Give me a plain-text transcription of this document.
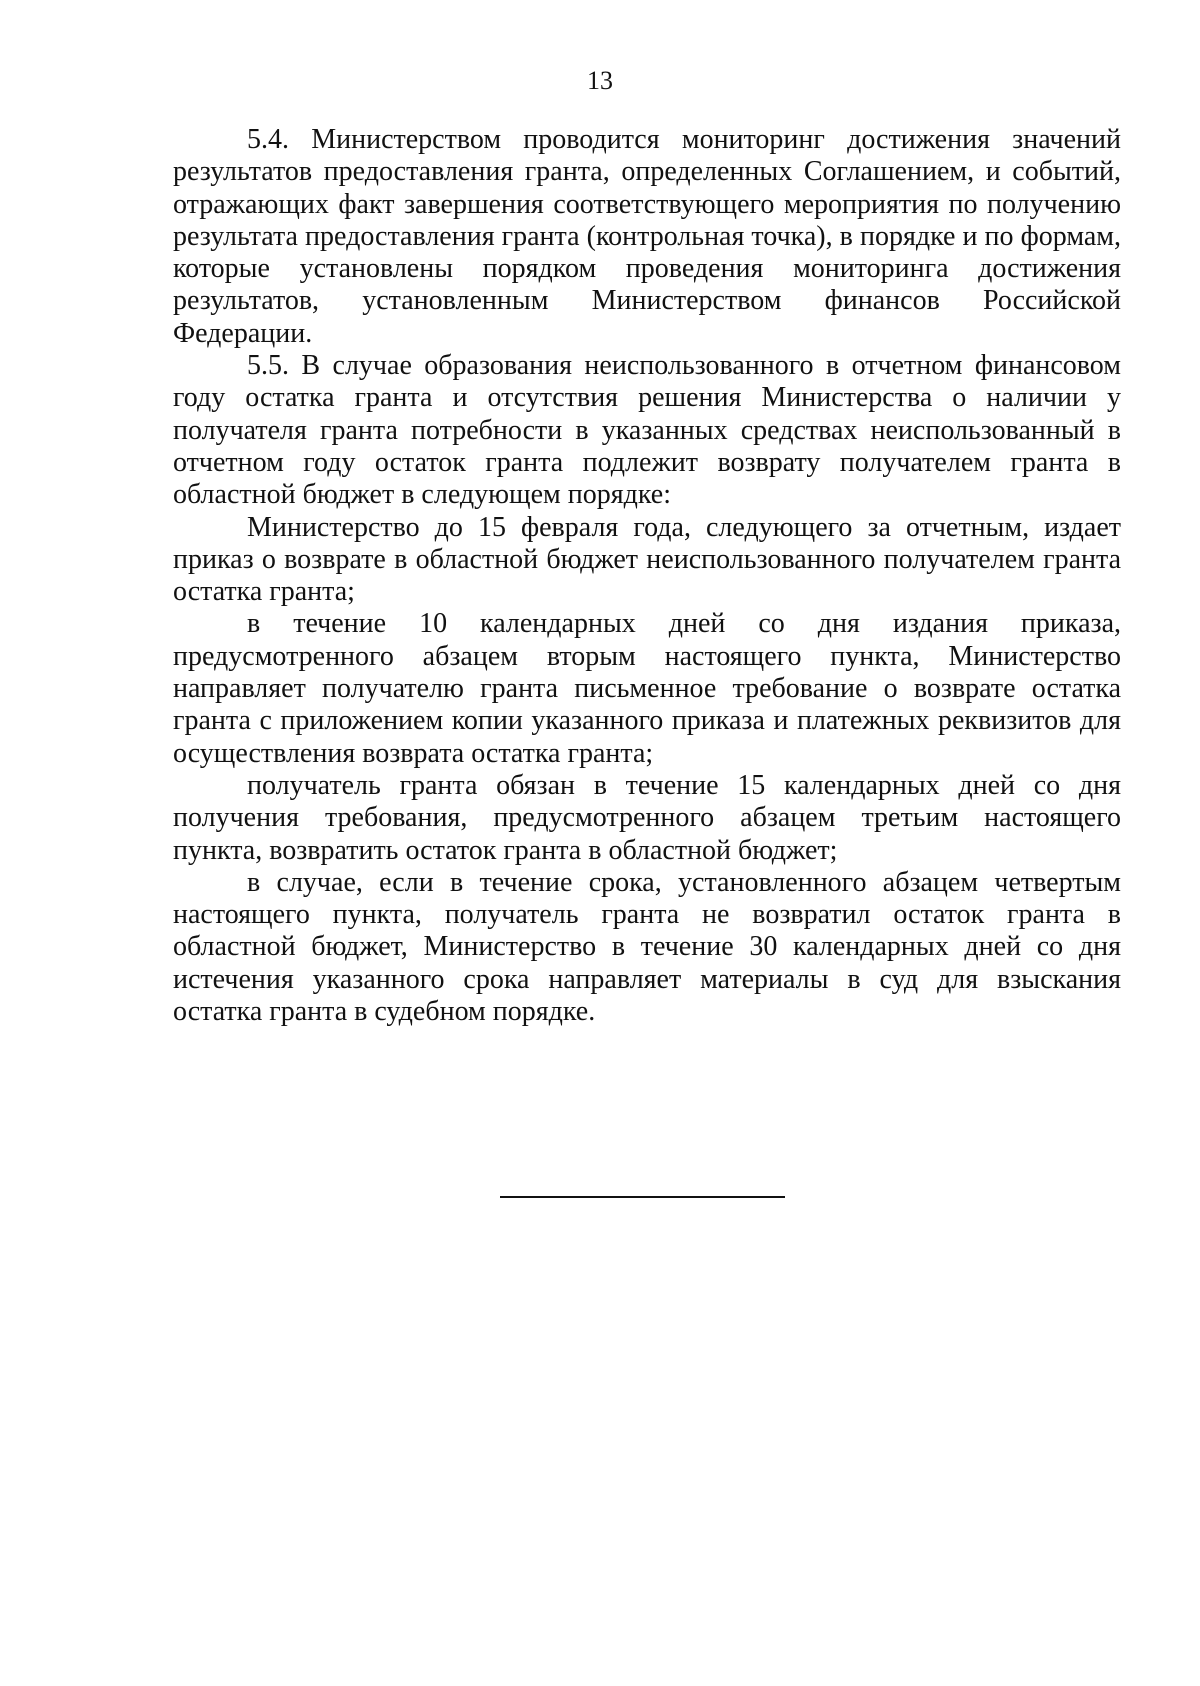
13

5.4. Министерством проводится мониторинг достижения значений результатов предоставления гранта, определенных Соглашением, и событий, отражающих факт завершения соответствующего мероприятия по получению результата предоставления гранта (контрольная точка), в порядке и по формам, которые установлены порядком проведения мониторинга достижения результатов, установленным Министерством финансов Российской Федерации.

5.5. В случае образования неиспользованного в отчетном финансовом году остатка гранта и отсутствия решения Министерства о наличии у получателя гранта потребности в указанных средствах неиспользованный в отчетном году остаток гранта подлежит возврату получателем гранта в областной бюджет в следующем порядке:

Министерство до 15 февраля года, следующего за отчетным, издает приказ о возврате в областной бюджет неиспользованного получателем гранта остатка гранта;

в течение 10 календарных дней со дня издания приказа, предусмотренного абзацем вторым настоящего пункта, Министерство направляет получателю гранта письменное требование о возврате остатка гранта с приложением копии указанного приказа и платежных реквизитов для осуществления возврата остатка гранта;

получатель гранта обязан в течение 15 календарных дней со дня получения требования, предусмотренного абзацем третьим настоящего пункта, возвратить остаток гранта в областной бюджет;

в случае, если в течение срока, установленного абзацем четвертым настоящего пункта, получатель гранта не возвратил остаток гранта в областной бюджет, Министерство в течение 30 календарных дней со дня истечения указанного срока направляет материалы в суд для взыскания остатка гранта в судебном порядке.
